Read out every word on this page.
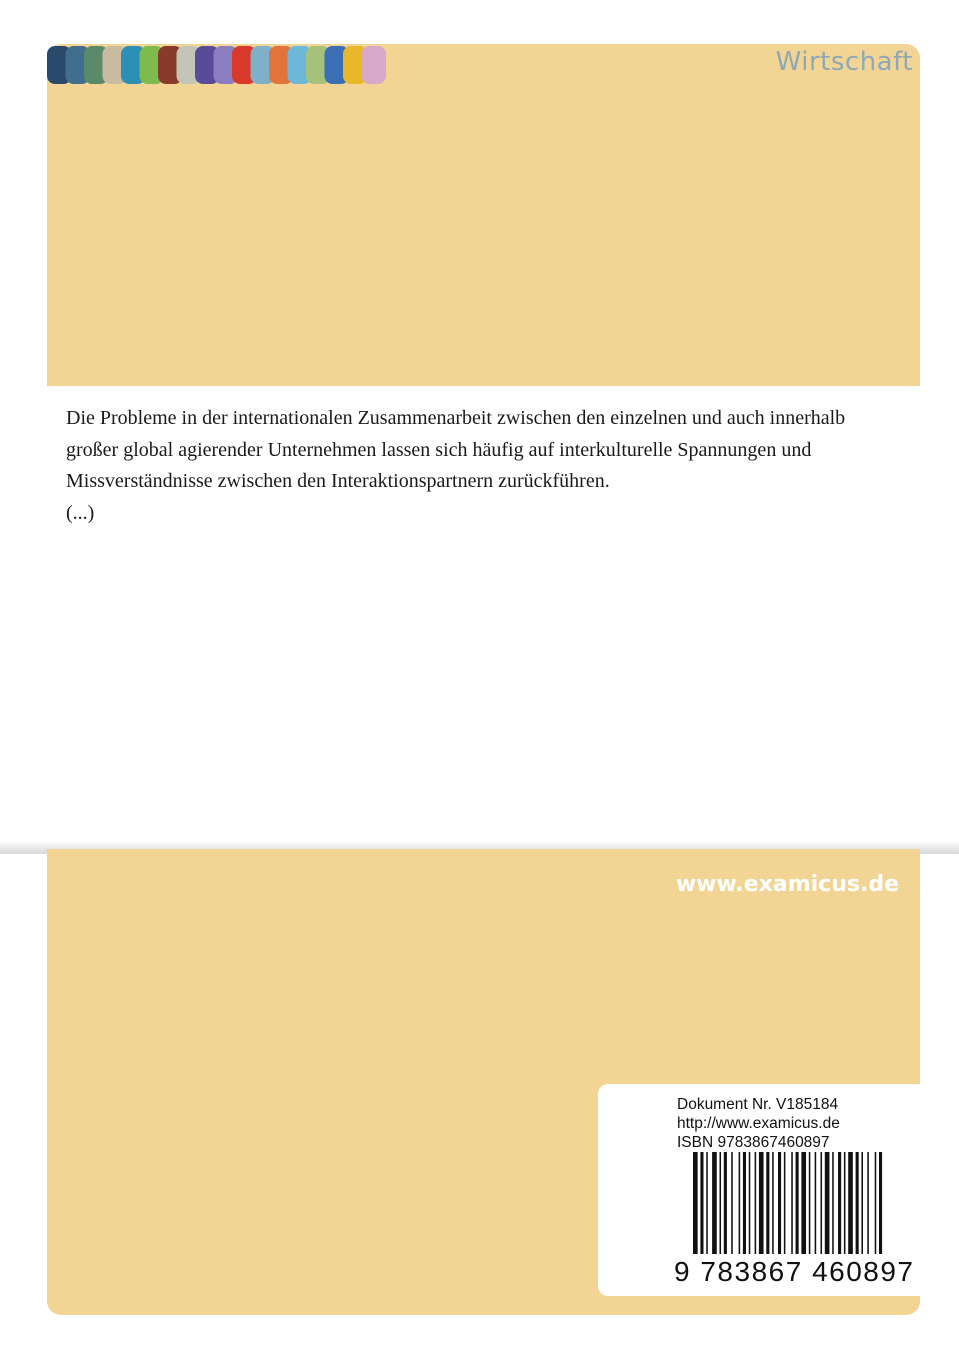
Wirtschaft

Die Probleme in der internationalen Zusammenarbeit zwischen den einzelnen und auch innerhalb großer global agierender Unternehmen lassen sich häufig auf interkulturelle Spannungen und Missverständnisse zwischen den Interaktionspartnern zurückführen.

(...)

www.examicus.de
Dokument Nr. V185184
http://www.examicus.de
ISBN 9783867460897
9 783867 460897
